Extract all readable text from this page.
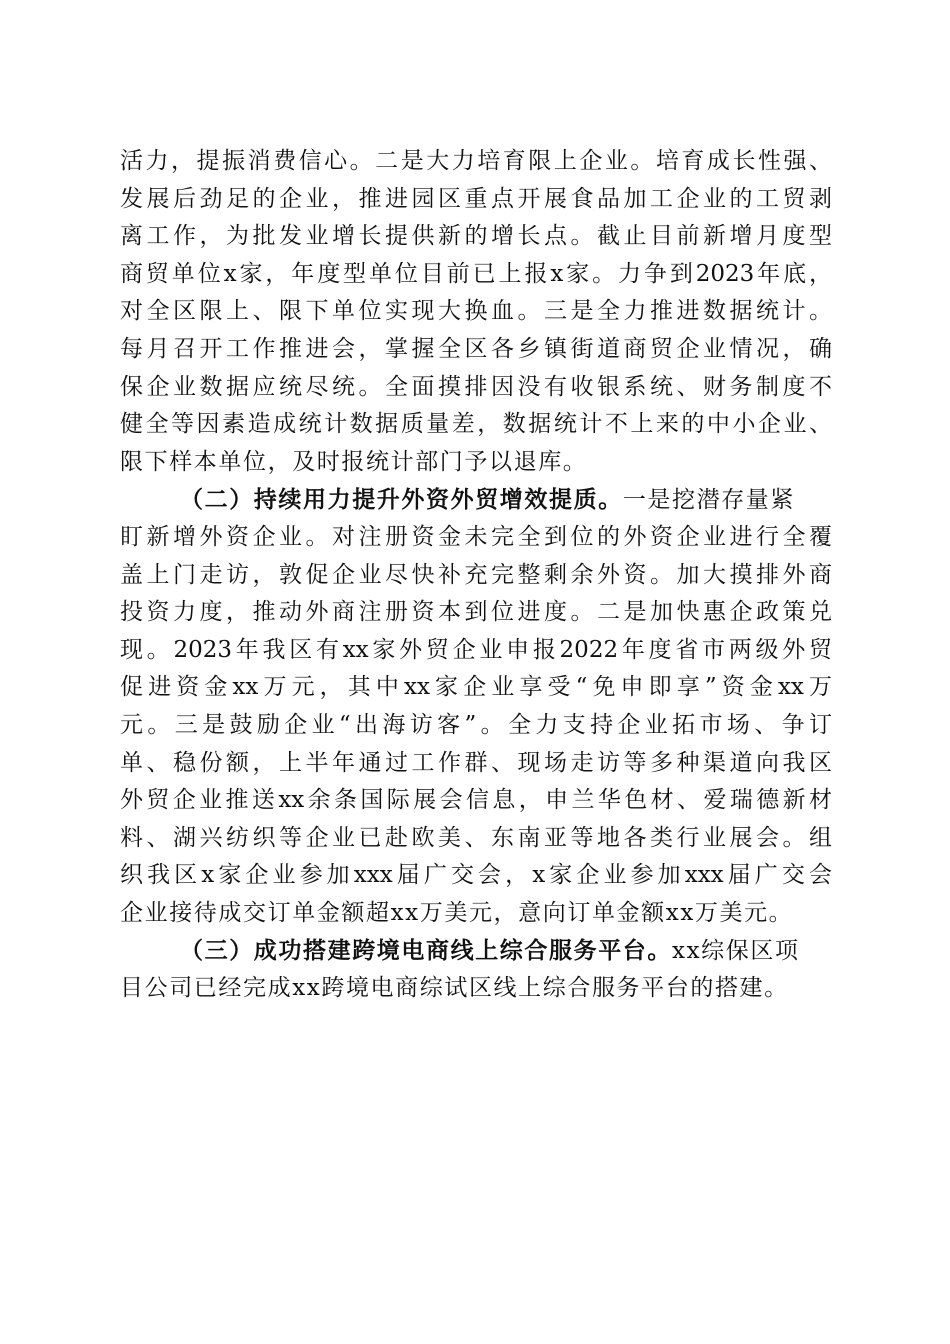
活力，提振消费信心。二是大力培育限上企业。培育成长性强、
发展后劲足的企业，推进园区重点开展食品加工企业的工贸剥
离工作，为批发业增长提供新的增长点。截止目前新增月度型
商贸单位x家，年度型单位目前已上报x家。力争到2023年底，
对全区限上、限下单位实现大换血。三是全力推进数据统计。
每月召开工作推进会，掌握全区各乡镇街道商贸企业情况，确
保企业数据应统尽统。全面摸排因没有收银系统、财务制度不
健全等因素造成统计数据质量差，数据统计不上来的中小企业、
限下样本单位，及时报统计部门予以退库。
（二）持续用力提升外资外贸增效提质。一是挖潜存量紧
盯新增外资企业。对注册资金未完全到位的外资企业进行全覆
盖上门走访，敦促企业尽快补充完整剩余外资。加大摸排外商
投资力度，推动外商注册资本到位进度。二是加快惠企政策兑
现。2023年我区有xx家外贸企业申报2022年度省市两级外贸
促进资金xx万元，其中xx家企业享受“免申即享”资金xx万
元。三是鼓励企业“出海访客”。全力支持企业拓市场、争订
单、稳份额，上半年通过工作群、现场走访等多种渠道向我区
外贸企业推送xx余条国际展会信息，申兰华色材、爱瑞德新材
料、湖兴纺织等企业已赴欧美、东南亚等地各类行业展会。组
织我区x家企业参加xxx届广交会，x家企业参加xxx届广交会
企业接待成交订单金额超xx万美元，意向订单金额xx万美元。
（三）成功搭建跨境电商线上综合服务平台。xx综保区项
目公司已经完成xx跨境电商综试区线上综合服务平台的搭建。
